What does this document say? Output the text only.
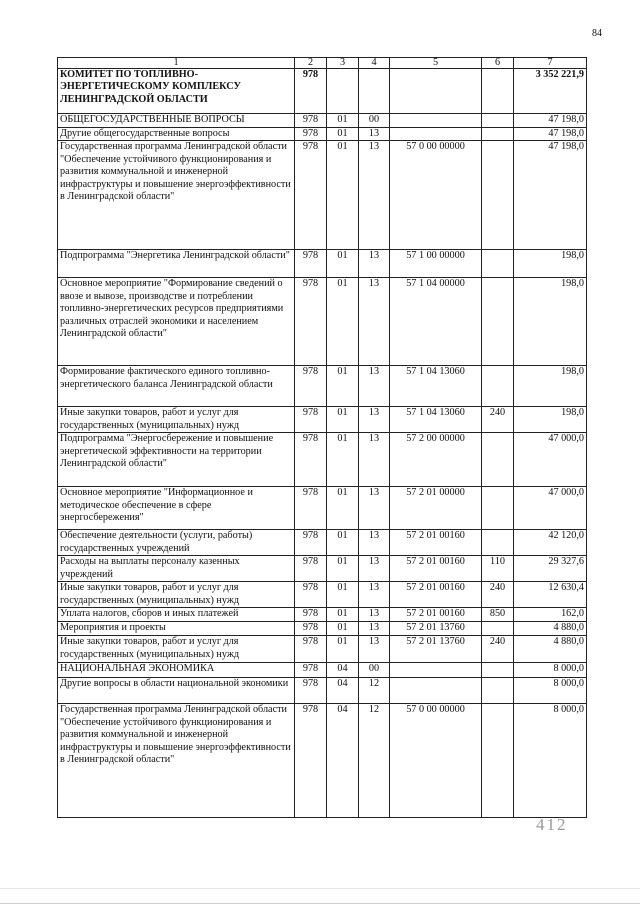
84
1	2	3	4	5	6	7
КОМИТЕТ ПО ТОПЛИВНО-ЭНЕРГЕТИЧЕСКОМУ КОМПЛЕКСУ ЛЕНИНГРАДСКОЙ ОБЛАСТИ	978					3 352 221,9
ОБЩЕГОСУДАРСТВЕННЫЕ ВОПРОСЫ	978	01	00			47 198,0
Другие общегосударственные вопросы	978	01	13			47 198,0
Государственная программа Ленинградской области "Обеспечение устойчивого функционирования и развития коммунальной и инженерной инфраструктуры и повышение энергоэффективности в Ленинградской области"	978	01	13	57 0 00 00000		47 198,0
Подпрограмма "Энергетика Ленинградской области"	978	01	13	57 1 00 00000		198,0
Основное мероприятие "Формирование сведений о ввозе и вывозе, производстве и потреблении топливно-энергетических ресурсов предприятиями различных отраслей экономики и населением Ленинградской области"	978	01	13	57 1 04 00000		198,0
Формирование фактического единого топливно-энергетического баланса Ленинградской области	978	01	13	57 1 04 13060		198,0
Иные закупки товаров, работ и услуг для государственных (муниципальных) нужд	978	01	13	57 1 04 13060	240	198,0
Подпрограмма "Энергосбережение и повышение энергетической эффективности на территории Ленинградской области"	978	01	13	57 2 00 00000		47 000,0
Основное мероприятие "Информационное и методическое обеспечение в сфере энергосбережения"	978	01	13	57 2 01 00000		47 000,0
Обеспечение деятельности (услуги, работы) государственных учреждений	978	01	13	57 2 01 00160		42 120,0
Расходы на выплаты персоналу казенных учреждений	978	01	13	57 2 01 00160	110	29 327,6
Иные закупки товаров, работ и услуг для государственных (муниципальных) нужд	978	01	13	57 2 01 00160	240	12 630,4
Уплата налогов, сборов и иных платежей	978	01	13	57 2 01 00160	850	162,0
Мероприятия и проекты	978	01	13	57 2 01 13760		4 880,0
Иные закупки товаров, работ и услуг для государственных (муниципальных) нужд	978	01	13	57 2 01 13760	240	4 880,0
НАЦИОНАЛЬНАЯ ЭКОНОМИКА	978	04	00			8 000,0
Другие вопросы в области национальной экономики	978	04	12			8 000,0
Государственная программа Ленинградской области "Обеспечение устойчивого функционирования и развития коммунальной и инженерной инфраструктуры и повышение энергоэффективности в Ленинградской области"	978	04	12	57 0 00 00000		8 000,0
412
